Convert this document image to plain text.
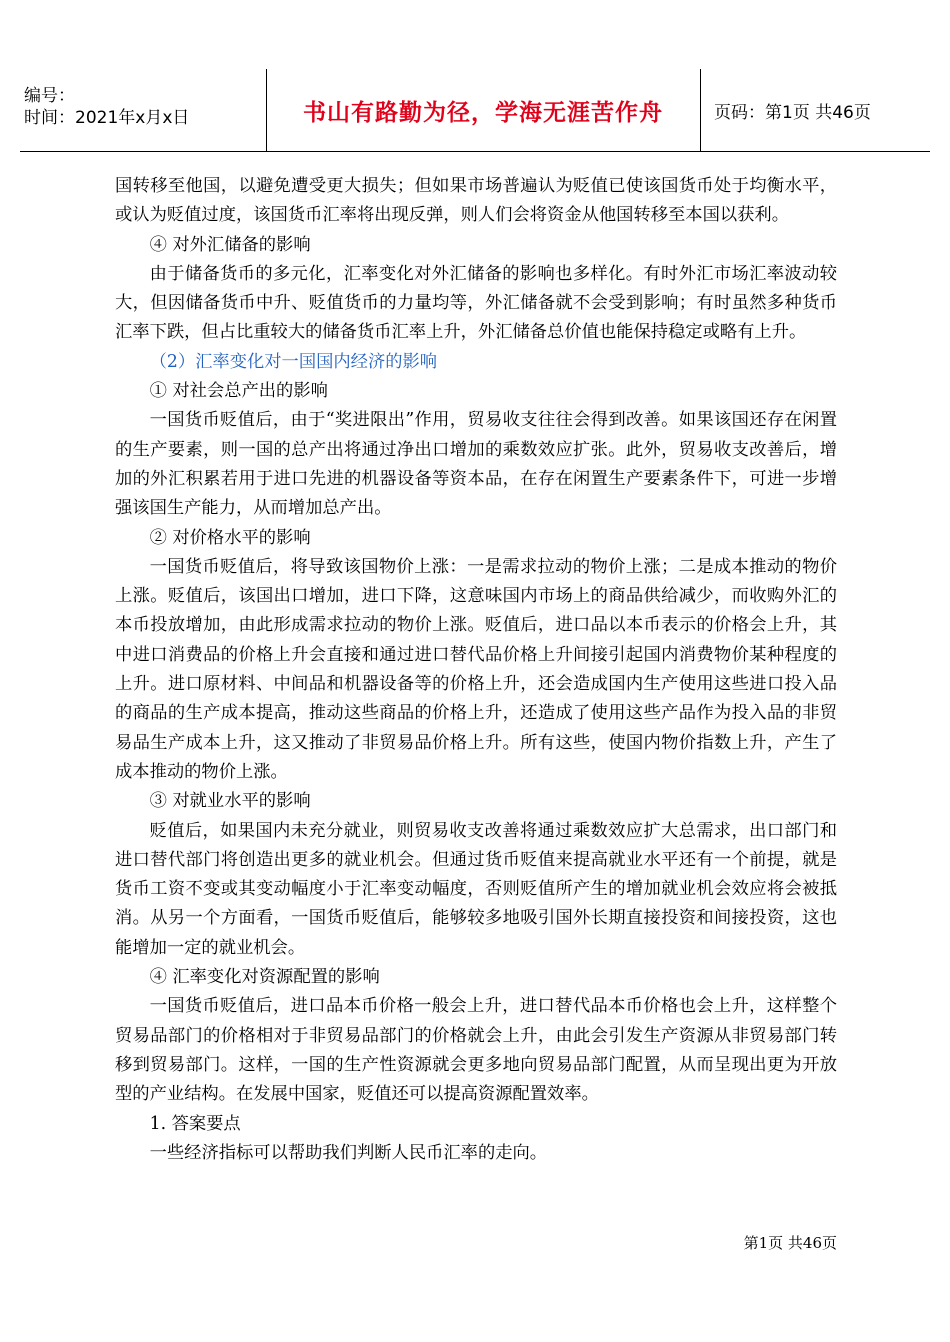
编号：
时间：2021年x月x日	书山有路勤为径，学海无涯苦作舟	页码：第1页 共46页

国转移至他国，以避免遭受更大损失；但如果市场普遍认为贬值已使该国货币处于均衡水平，或认为贬值过度，该国货币汇率将出现反弹，则人们会将资金从他国转移至本国以获利。

④ 对外汇储备的影响

由于储备货币的多元化，汇率变化对外汇储备的影响也多样化。有时外汇市场汇率波动较大，但因储备货币中升、贬值货币的力量均等，外汇储备就不会受到影响；有时虽然多种货币汇率下跌，但占比重较大的储备货币汇率上升，外汇储备总价值也能保持稳定或略有上升。

（2）汇率变化对一国国内经济的影响

① 对社会总产出的影响

一国货币贬值后，由于“奖进限出”作用，贸易收支往往会得到改善。如果该国还存在闲置的生产要素，则一国的总产出将通过净出口增加的乘数效应扩张。此外，贸易收支改善后，增加的外汇积累若用于进口先进的机器设备等资本品，在存在闲置生产要素条件下，可进一步增强该国生产能力，从而增加总产出。

② 对价格水平的影响

一国货币贬值后，将导致该国物价上涨：一是需求拉动的物价上涨；二是成本推动的物价上涨。贬值后，该国出口增加，进口下降，这意味国内市场上的商品供给减少，而收购外汇的本币投放增加，由此形成需求拉动的物价上涨。贬值后，进口品以本币表示的价格会上升，其中进口消费品的价格上升会直接和通过进口替代品价格上升间接引起国内消费物价某种程度的上升。进口原材料、中间品和机器设备等的价格上升，还会造成国内生产使用这些进口投入品的商品的生产成本提高，推动这些商品的价格上升，还造成了使用这些产品作为投入品的非贸易品生产成本上升，这又推动了非贸易品价格上升。所有这些，使国内物价指数上升，产生了成本推动的物价上涨。

③ 对就业水平的影响

贬值后，如果国内未充分就业，则贸易收支改善将通过乘数效应扩大总需求，出口部门和进口替代部门将创造出更多的就业机会。但通过货币贬值来提高就业水平还有一个前提，就是货币工资不变或其变动幅度小于汇率变动幅度，否则贬值所产生的增加就业机会效应将会被抵消。从另一个方面看，一国货币贬值后，能够较多地吸引国外长期直接投资和间接投资，这也能增加一定的就业机会。

④ 汇率变化对资源配置的影响

一国货币贬值后，进口品本币价格一般会上升，进口替代品本币价格也会上升，这样整个贸易品部门的价格相对于非贸易品部门的价格就会上升，由此会引发生产资源从非贸易部门转移到贸易部门。这样，一国的生产性资源就会更多地向贸易品部门配置，从而呈现出更为开放型的产业结构。在发展中国家，贬值还可以提高资源配置效率。

1. 答案要点

一些经济指标可以帮助我们判断人民币汇率的走向。

第1页 共46页
